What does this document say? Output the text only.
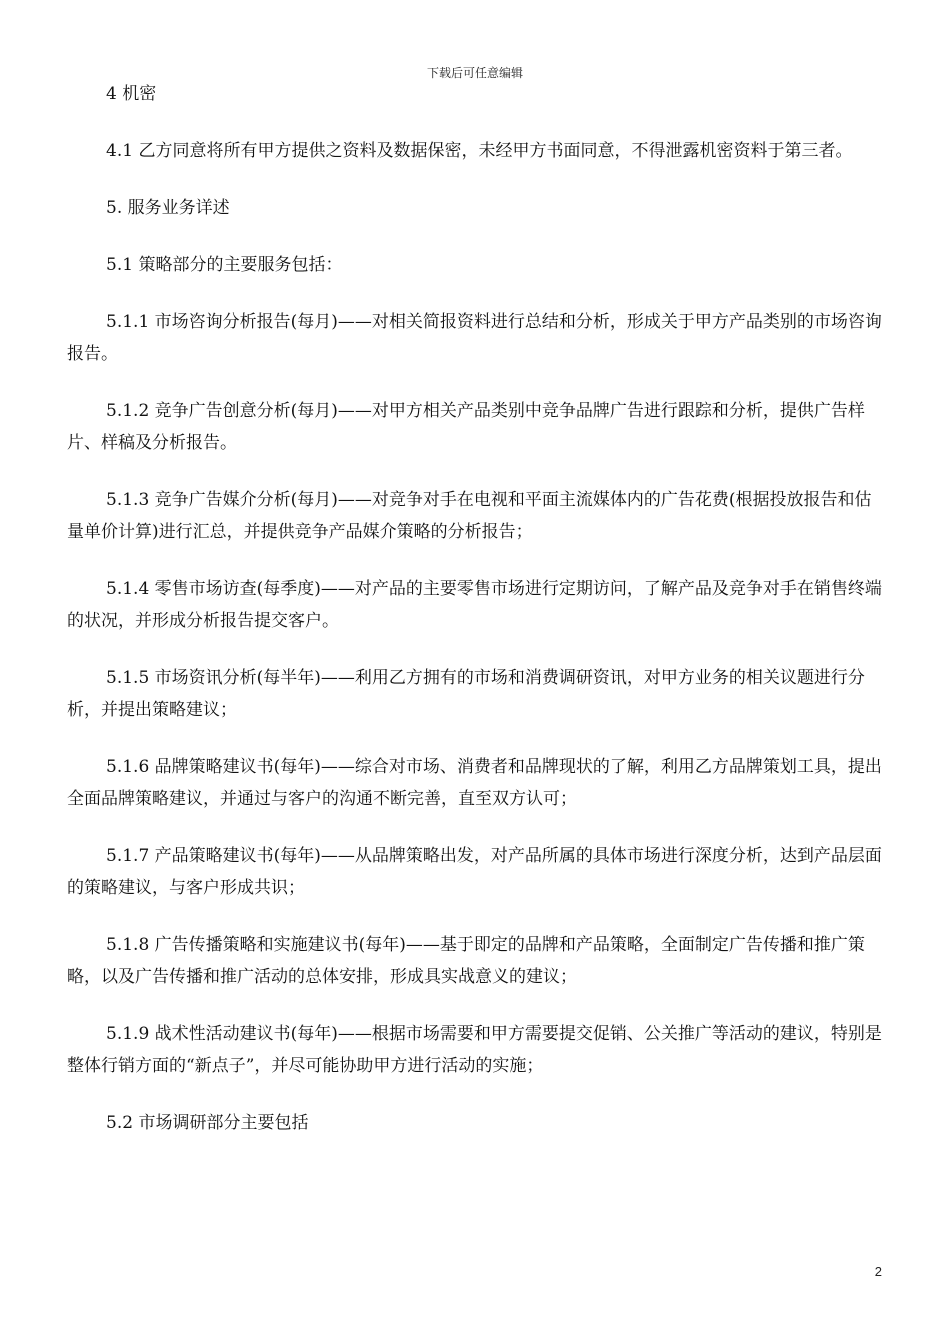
下载后可任意编辑

4 机密

4.1 乙方同意将所有甲方提供之资料及数据保密，未经甲方书面同意，不得泄露机密资料于第三者。

5. 服务业务详述

5.1 策略部分的主要服务包括：

5.1.1 市场咨询分析报告(每月)——对相关简报资料进行总结和分析，形成关于甲方产品类别的市场咨询报告。

5.1.2 竞争广告创意分析(每月)——对甲方相关产品类别中竞争品牌广告进行跟踪和分析，提供广告样片、样稿及分析报告。

5.1.3 竞争广告媒介分析(每月)——对竞争对手在电视和平面主流媒体内的广告花费(根据投放报告和估量单价计算)进行汇总，并提供竞争产品媒介策略的分析报告；

5.1.4 零售市场访查(每季度)——对产品的主要零售市场进行定期访问，了解产品及竞争对手在销售终端的状况，并形成分析报告提交客户。

5.1.5 市场资讯分析(每半年)——利用乙方拥有的市场和消费调研资讯，对甲方业务的相关议题进行分析，并提出策略建议；

5.1.6 品牌策略建议书(每年)——综合对市场、消费者和品牌现状的了解，利用乙方品牌策划工具，提出全面品牌策略建议，并通过与客户的沟通不断完善，直至双方认可；

5.1.7 产品策略建议书(每年)——从品牌策略出发，对产品所属的具体市场进行深度分析，达到产品层面的策略建议，与客户形成共识；

5.1.8 广告传播策略和实施建议书(每年)——基于即定的品牌和产品策略，全面制定广告传播和推广策略，以及广告传播和推广活动的总体安排，形成具实战意义的建议；

5.1.9 战术性活动建议书(每年)——根据市场需要和甲方需要提交促销、公关推广等活动的建议，特别是整体行销方面的“新点子”，并尽可能协助甲方进行活动的实施；

5.2 市场调研部分主要包括

2
